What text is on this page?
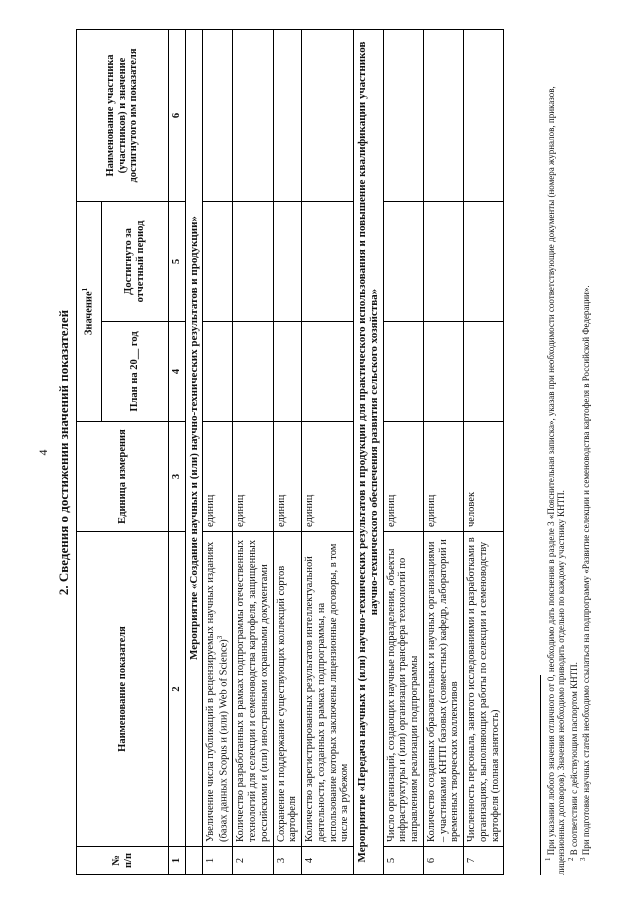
4 2. Сведения о достижении значений показателей
№ п/п	Наименование показателя	Единица измерения	Значение$^1$		Наименование участника (участников) и значение достигнутого им показателя
			План на 20__ год	Достигнуто за отчетный период	
1	2	3	4	5	6
	Мероприятие «Создание научных и (или) научно-технических результатов и продукции»				
1	Увеличение числа публикаций в рецензируемых научных изданиях (базах данных Scopus и (или) Web of Science)$^3$	единиц			
2	Количество разработанных в рамках подпрограммы отечественных технологий для селекции и семеноводства картофеля, защищенных российскими и (или) иностранными охранными документами	единиц			
3	Сохранение и поддержание существующих коллекций сортов картофеля	единиц			
4	Количество зарегистрированных результатов интеллектуальной деятельности, созданных в рамках подпрограммы, на использование которых заключены лицензионные договоры, в том числе за рубежом	единиц			
Мероприятие «Передача научных и (или) научно-технических результатов и продукции для практического использования и повышение квалификации участников научно-технического обеспечения развития сельского хозяйства»					
5	Число организаций, создающих научные подразделения, объекты инфраструктуры и (или) организации трансфера технологий по направлениям реализации подпрограммы	единиц			
6	Количество созданных образовательных и научных организациями – участниками КНТП базовых (совместных) кафедр, лабораторий и временных творческих коллективов	единиц			
7	Численность персонала, занятого исследованиями и разработками в организациях, выполняющих работы по селекции и семеноводству картофеля (полная занятость)	человек			

$^1$ При указании любого значения отличного от 0, необходимо дать пояснения в разделе 3 «Пояснительная записка», указав при необходимости соответствующие документы (номера журналов, приказов, лицензионных договоров). Значения необходимо приводить отдельно по каждому участнику КНТП. $^2$ В соответствии с действующим паспортом КНТП.

$^3$ При подготовке научных статей необходимо ссылаться на подпрограмму «Развитие селекции и семеноводства картофеля в Российской Федерации».
